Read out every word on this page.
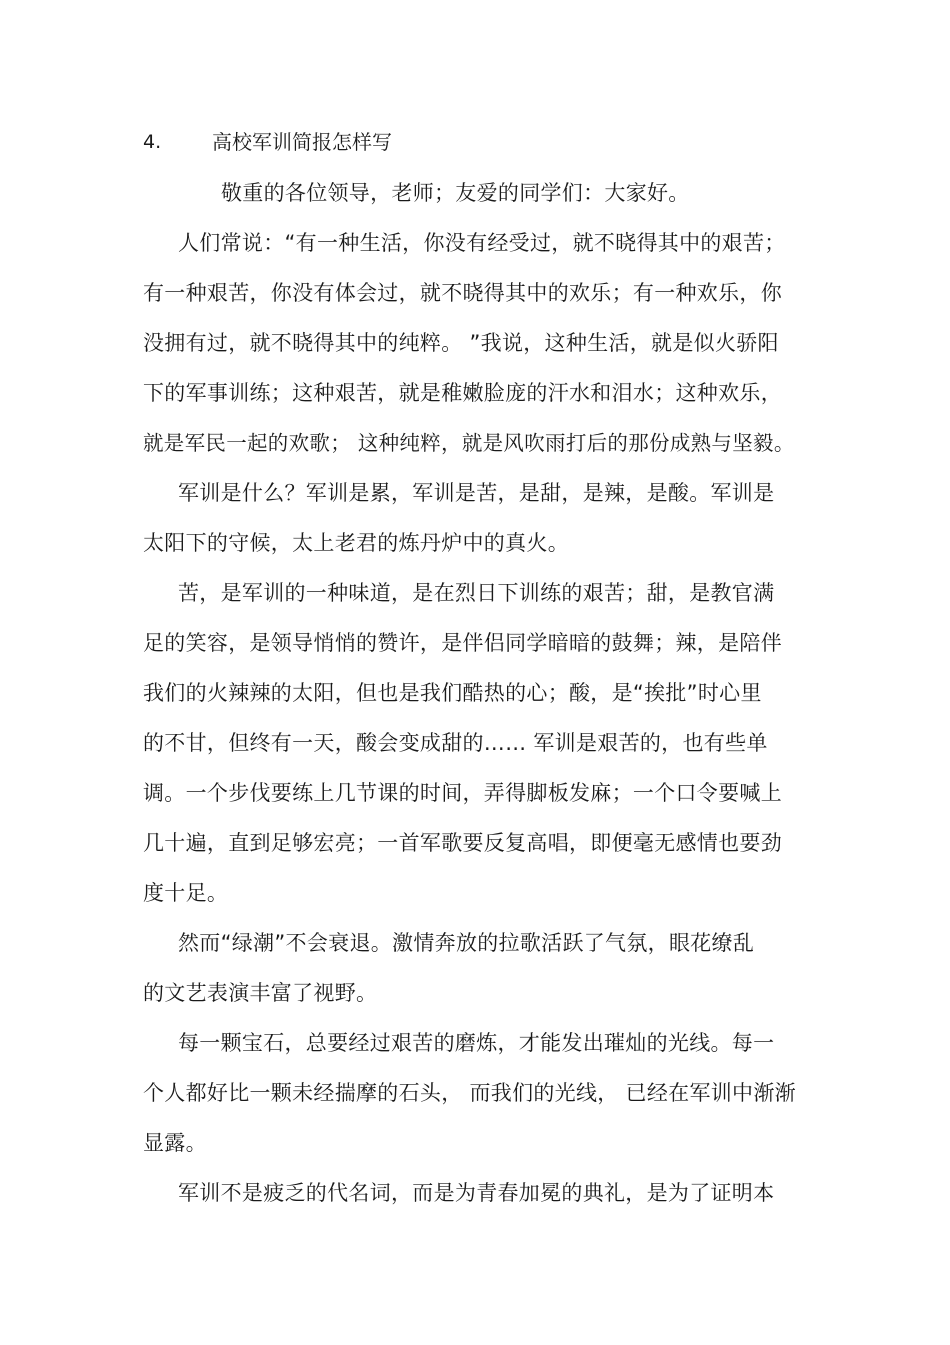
4.	高校军训简报怎样写
敬重的各位领导，老师；友爱的同学们：大家好。
人们常说：“有一种生活，你没有经受过，就不晓得其中的艰苦；
有一种艰苦，你没有体会过，就不晓得其中的欢乐；有一种欢乐，你
没拥有过，就不晓得其中的纯粹。 ”我说，这种生活，就是似火骄阳
下的军事训练；这种艰苦，就是稚嫩脸庞的汗水和泪水；这种欢乐，
就是军民一起的欢歌； 这种纯粹，就是风吹雨打后的那份成熟与坚毅。
军训是什么？军训是累，军训是苦，是甜，是辣，是酸。军训是
太阳下的守候，太上老君的炼丹炉中的真火。
苦，是军训的一种味道，是在烈日下训练的艰苦；甜，是教官满
足的笑容，是领导悄悄的赞许，是伴侣同学暗暗的鼓舞；辣，是陪伴
我们的火辣辣的太阳，但也是我们酷热的心；酸，是“挨批”时心里
的不甘，但终有一天，酸会变成甜的…… 军训是艰苦的，也有些单
调。一个步伐要练上几节课的时间，弄得脚板发麻；一个口令要喊上
几十遍，直到足够宏亮；一首军歌要反复高唱，即便毫无感情也要劲
度十足。
然而“绿潮”不会衰退。激情奔放的拉歌活跃了气氛，眼花缭乱
的文艺表演丰富了视野。
每一颗宝石，总要经过艰苦的磨炼，才能发出璀灿的光线。每一
个人都好比一颗未经揣摩的石头， 而我们的光线， 已经在军训中渐渐
显露。
军训不是疲乏的代名词，而是为青春加冕的典礼，是为了证明本
